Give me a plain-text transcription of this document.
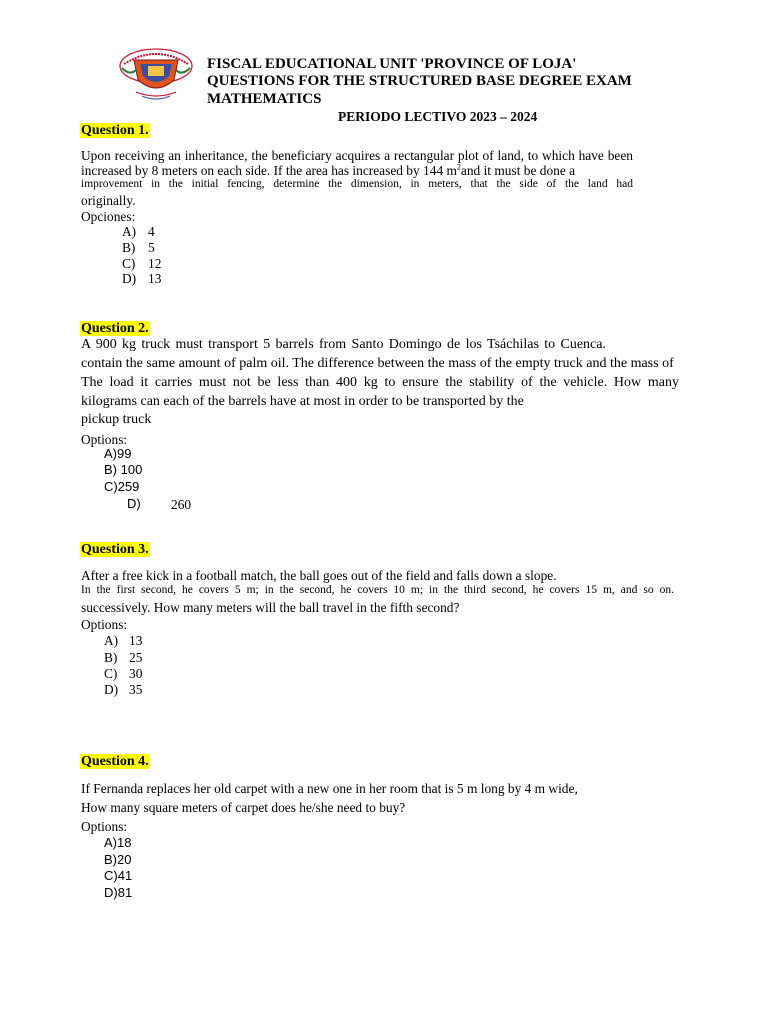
FISCAL EDUCATIONAL UNIT 'PROVINCE OF LOJA'
QUESTIONS FOR THE STRUCTURED BASE DEGREE EXAM
MATHEMATICS
PERIODO LECTIVO 2023 – 2024
Question 1.
Upon receiving an inheritance, the beneficiary acquires a rectangular plot of land, to which have been
increased by 8 meters on each side. If the area has increased by 144 $m^2and$ it must be done a
improvement in the initial fencing, determine the dimension, in meters, that the side of the land had
originally.
Opciones:
A) 4
B) 5
C) 12
D) 13
Question 2.
A 900 kg truck must transport 5 barrels from Santo Domingo de los Tsáchilas to Cuenca.
contain the same amount of palm oil. The difference between the mass of the empty truck and the mass of
The load it carries must not be less than 400 kg to ensure the stability of the vehicle. How many
kilograms can each of the barrels have at most in order to be transported by the
pickup truck
Options:
A)99
B) 100
C)259
D) 260
Question 3.
After a free kick in a football match, the ball goes out of the field and falls down a slope.
In the first second, he covers 5 m; in the second, he covers 10 m; in the third second, he covers 15 m, and so on.
successively. How many meters will the ball travel in the fifth second?
Options:
A) 13
B) 25
C) 30
D) 35
Question 4.
If Fernanda replaces her old carpet with a new one in her room that is 5 m long by 4 m wide,
How many square meters of carpet does he/she need to buy?
Options:
A)18
B)20
C)41
D)81
